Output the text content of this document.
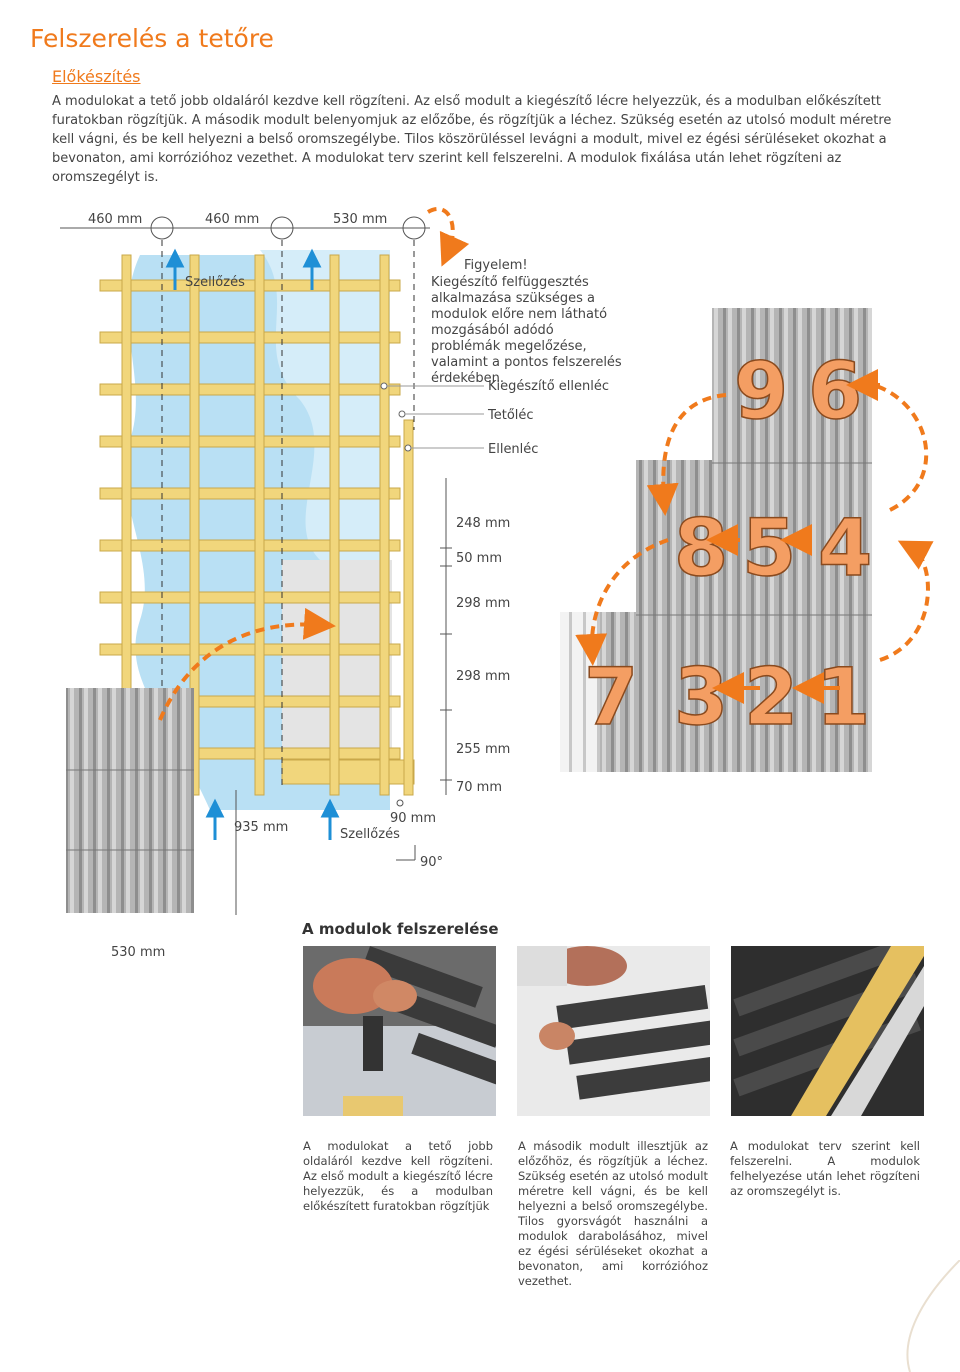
Felszerelés a tetőre
Előkészítés
A modulokat a tető jobb oldaláról kezdve kell rögzíteni. Az első modult a kiegészítő lécre helyezzük, és a modulban előkészített furatokban rögzítjük. A második modult belenyomjuk az előzőbe, és rögzítjük a léchez. Szükség esetén az utolsó modult méretre kell vágni, és be kell helyezni a belső oromszegélybe. Tilos köszörüléssel levágni a modult, mivel ez égési sérüléseket okozhat a bevonaton, ami korrózióhoz vezethet. A modulokat terv szerint kell felszerelni. A modulok fixálása után lehet rögzíteni az oromszegélyt is.
460 mm	460 mm	530 mm
Szellőzés
935 mm	Szellőzés
90 mm
90°
248 mm
50 mm
298 mm
298 mm
255 mm
70 mm
Kiegészítő ellenléc
Tetőléc
Ellenléc
1
2
3
4
5
6
7
8
9
Figyelem!
Kiegészítő felfüggesztés alkalmazása szükséges a modulok előre nem látható mozgásából adódó problémák megelőzése, valamint a pontos felszerelés érdekében.
530 mm
A modulok felszerelése
A modulokat a tető jobb oldaláról kezdve kell rögzíteni. Az első modult a kiegészítő lécre helyezzük, és a modulban előkészített furatokban rögzítjük
A második modult illesztjük az előzőhöz, és rögzítjük a léchez. Szükség esetén az utolsó modult méretre kell vágni, és be kell helyezni a belső oromszegélybe. Tilos gyorsvágót használni a modulok darabolásához, mivel ez égési sérüléseket okozhat a bevonaton, ami korrózióhoz vezethet.
A modulokat terv szerint kell felszerelni. A modulok felhelyezése után lehet rögzíteni az oromszegélyt is.
